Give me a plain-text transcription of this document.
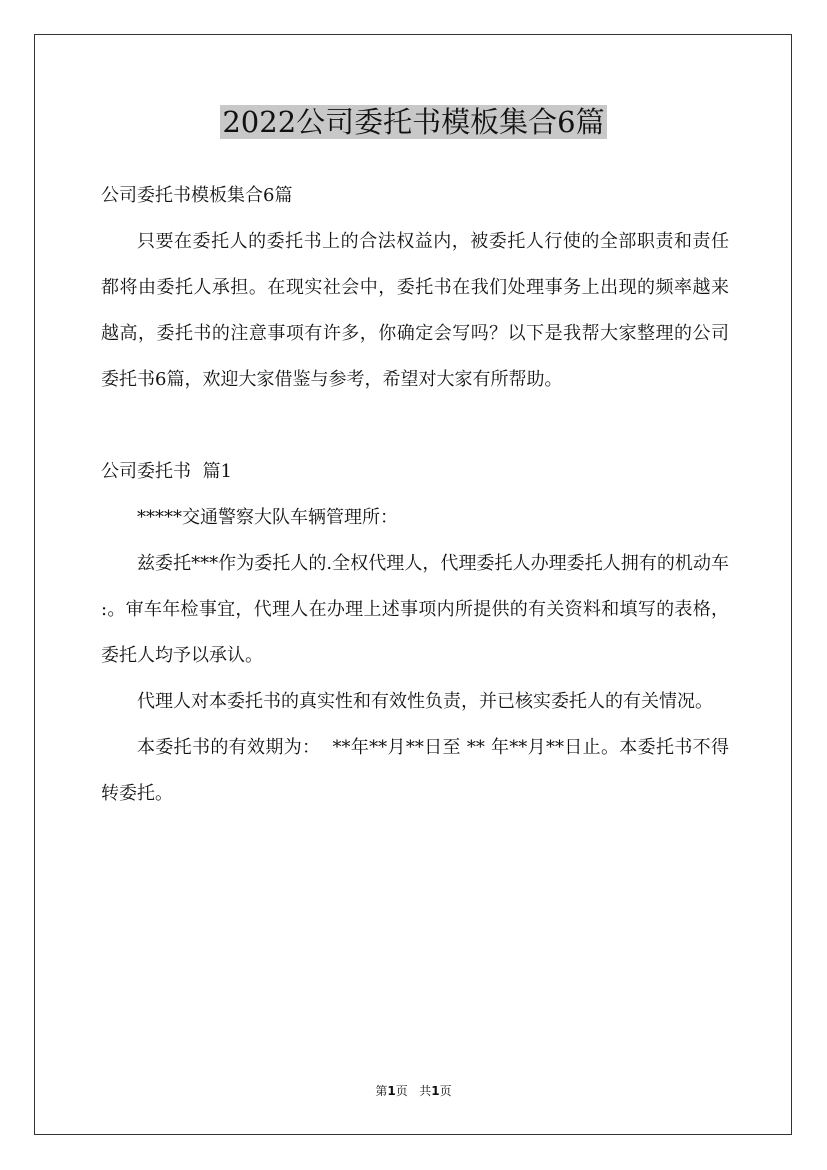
2022公司委托书模板集合6篇

公司委托书模板集合6篇

只要在委托人的委托书上的合法权益内，被委托人行使的全部职责和责任都将由委托人承担。在现实社会中，委托书在我们处理事务上出现的频率越来越高，委托书的注意事项有许多，你确定会写吗？以下是我帮大家整理的公司委托书6篇，欢迎大家借鉴与参考，希望对大家有所帮助。

公司委托书  篇1

*****交通警察大队车辆管理所：

兹委托***作为委托人的.全权代理人，代理委托人办理委托人拥有的机动车 :。审车年检事宜，代理人在办理上述事项内所提供的有关资料和填写的表格，委托人均予以承认。

代理人对本委托书的真实性和有效性负责，并已核实委托人的有关情况。

本委托书的有效期为：  **年**月**日至 ** 年**月**日止。本委托书不得转委托。

第1页   共1页
